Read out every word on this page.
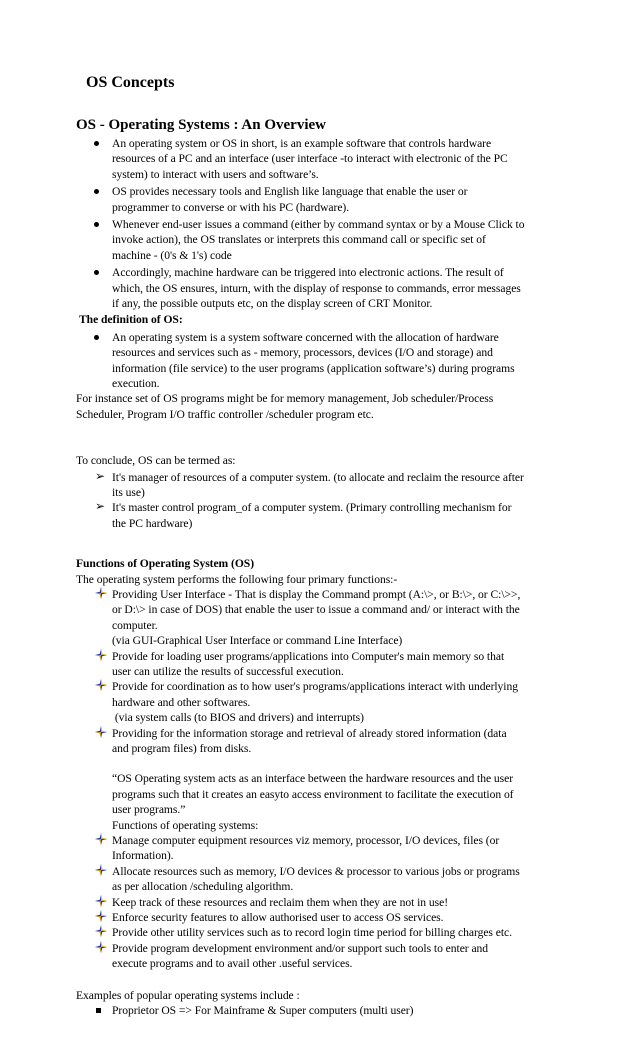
OS Concepts
OS - Operating Systems : An Overview
An operating system or OS in short, is an example software that controls hardware
resources of a PC and an interface (user interface -to interact with electronic of the PC
system) to interact with users and software’s.
OS provides necessary tools and English like language that enable the user or
programmer to converse or with his PC (hardware).
Whenever end-user issues a command (either by command syntax or by a Mouse Click to
invoke action), the OS translates or interprets this command call or specific set of
machine - (0's & 1's) code
Accordingly, machine hardware can be triggered into electronic actions. The result of
which, the OS ensures, inturn, with the display of response to commands, error messages
if any, the possible outputs etc, on the display screen of CRT Monitor.
The definition of OS:
An operating system is a system software concerned with the allocation of hardware
resources and services such as - memory, processors, devices (I/O and storage) and
information (file service) to the user programs (application software’s) during programs
execution.
For instance set of OS programs might be for memory management, Job scheduler/Process
Scheduler, Program I/O traffic controller /scheduler program etc.
To conclude, OS can be termed as:
➢ It's manager of resources of a computer system. (to allocate and reclaim the resource after
its use)
➢ It's master control program_of a computer system. (Primary controlling mechanism for
the PC hardware)
Functions of Operating System (OS)
The operating system performs the following four primary functions:-
Providing User Interface - That is display the Command prompt (A:\>, or B:\>, or C:\>>,
or D:\> in case of DOS) that enable the user to issue a command and/ or interact with the
computer.
(via GUI-Graphical User Interface or command Line Interface)
Provide for loading user programs/applications into Computer's main memory so that
user can utilize the results of successful execution.
Provide for coordination as to how user's programs/applications interact with underlying
hardware and other softwares.
(via system calls (to BIOS and drivers) and interrupts)
Providing for the information storage and retrieval of already stored information (data
and program files) from disks.
“OS Operating system acts as an interface between the hardware resources and the user
programs such that it creates an easyto access environment to facilitate the execution of
user programs.”
Functions of operating systems:
Manage computer equipment resources viz memory, processor, I/O devices, files (or
Information).
Allocate resources such as memory, I/O devices & processor to various jobs or programs
as per allocation /scheduling algorithm.
Keep track of these resources and reclaim them when they are not in use!
Enforce security features to allow authorised user to access OS services.
Provide other utility services such as to record login time period for billing charges etc.
Provide program development environment and/or support such tools to enter and
execute programs and to avail other .useful services.
Examples of popular operating systems include :
Proprietor OS => For Mainframe & Super computers (multi user)
